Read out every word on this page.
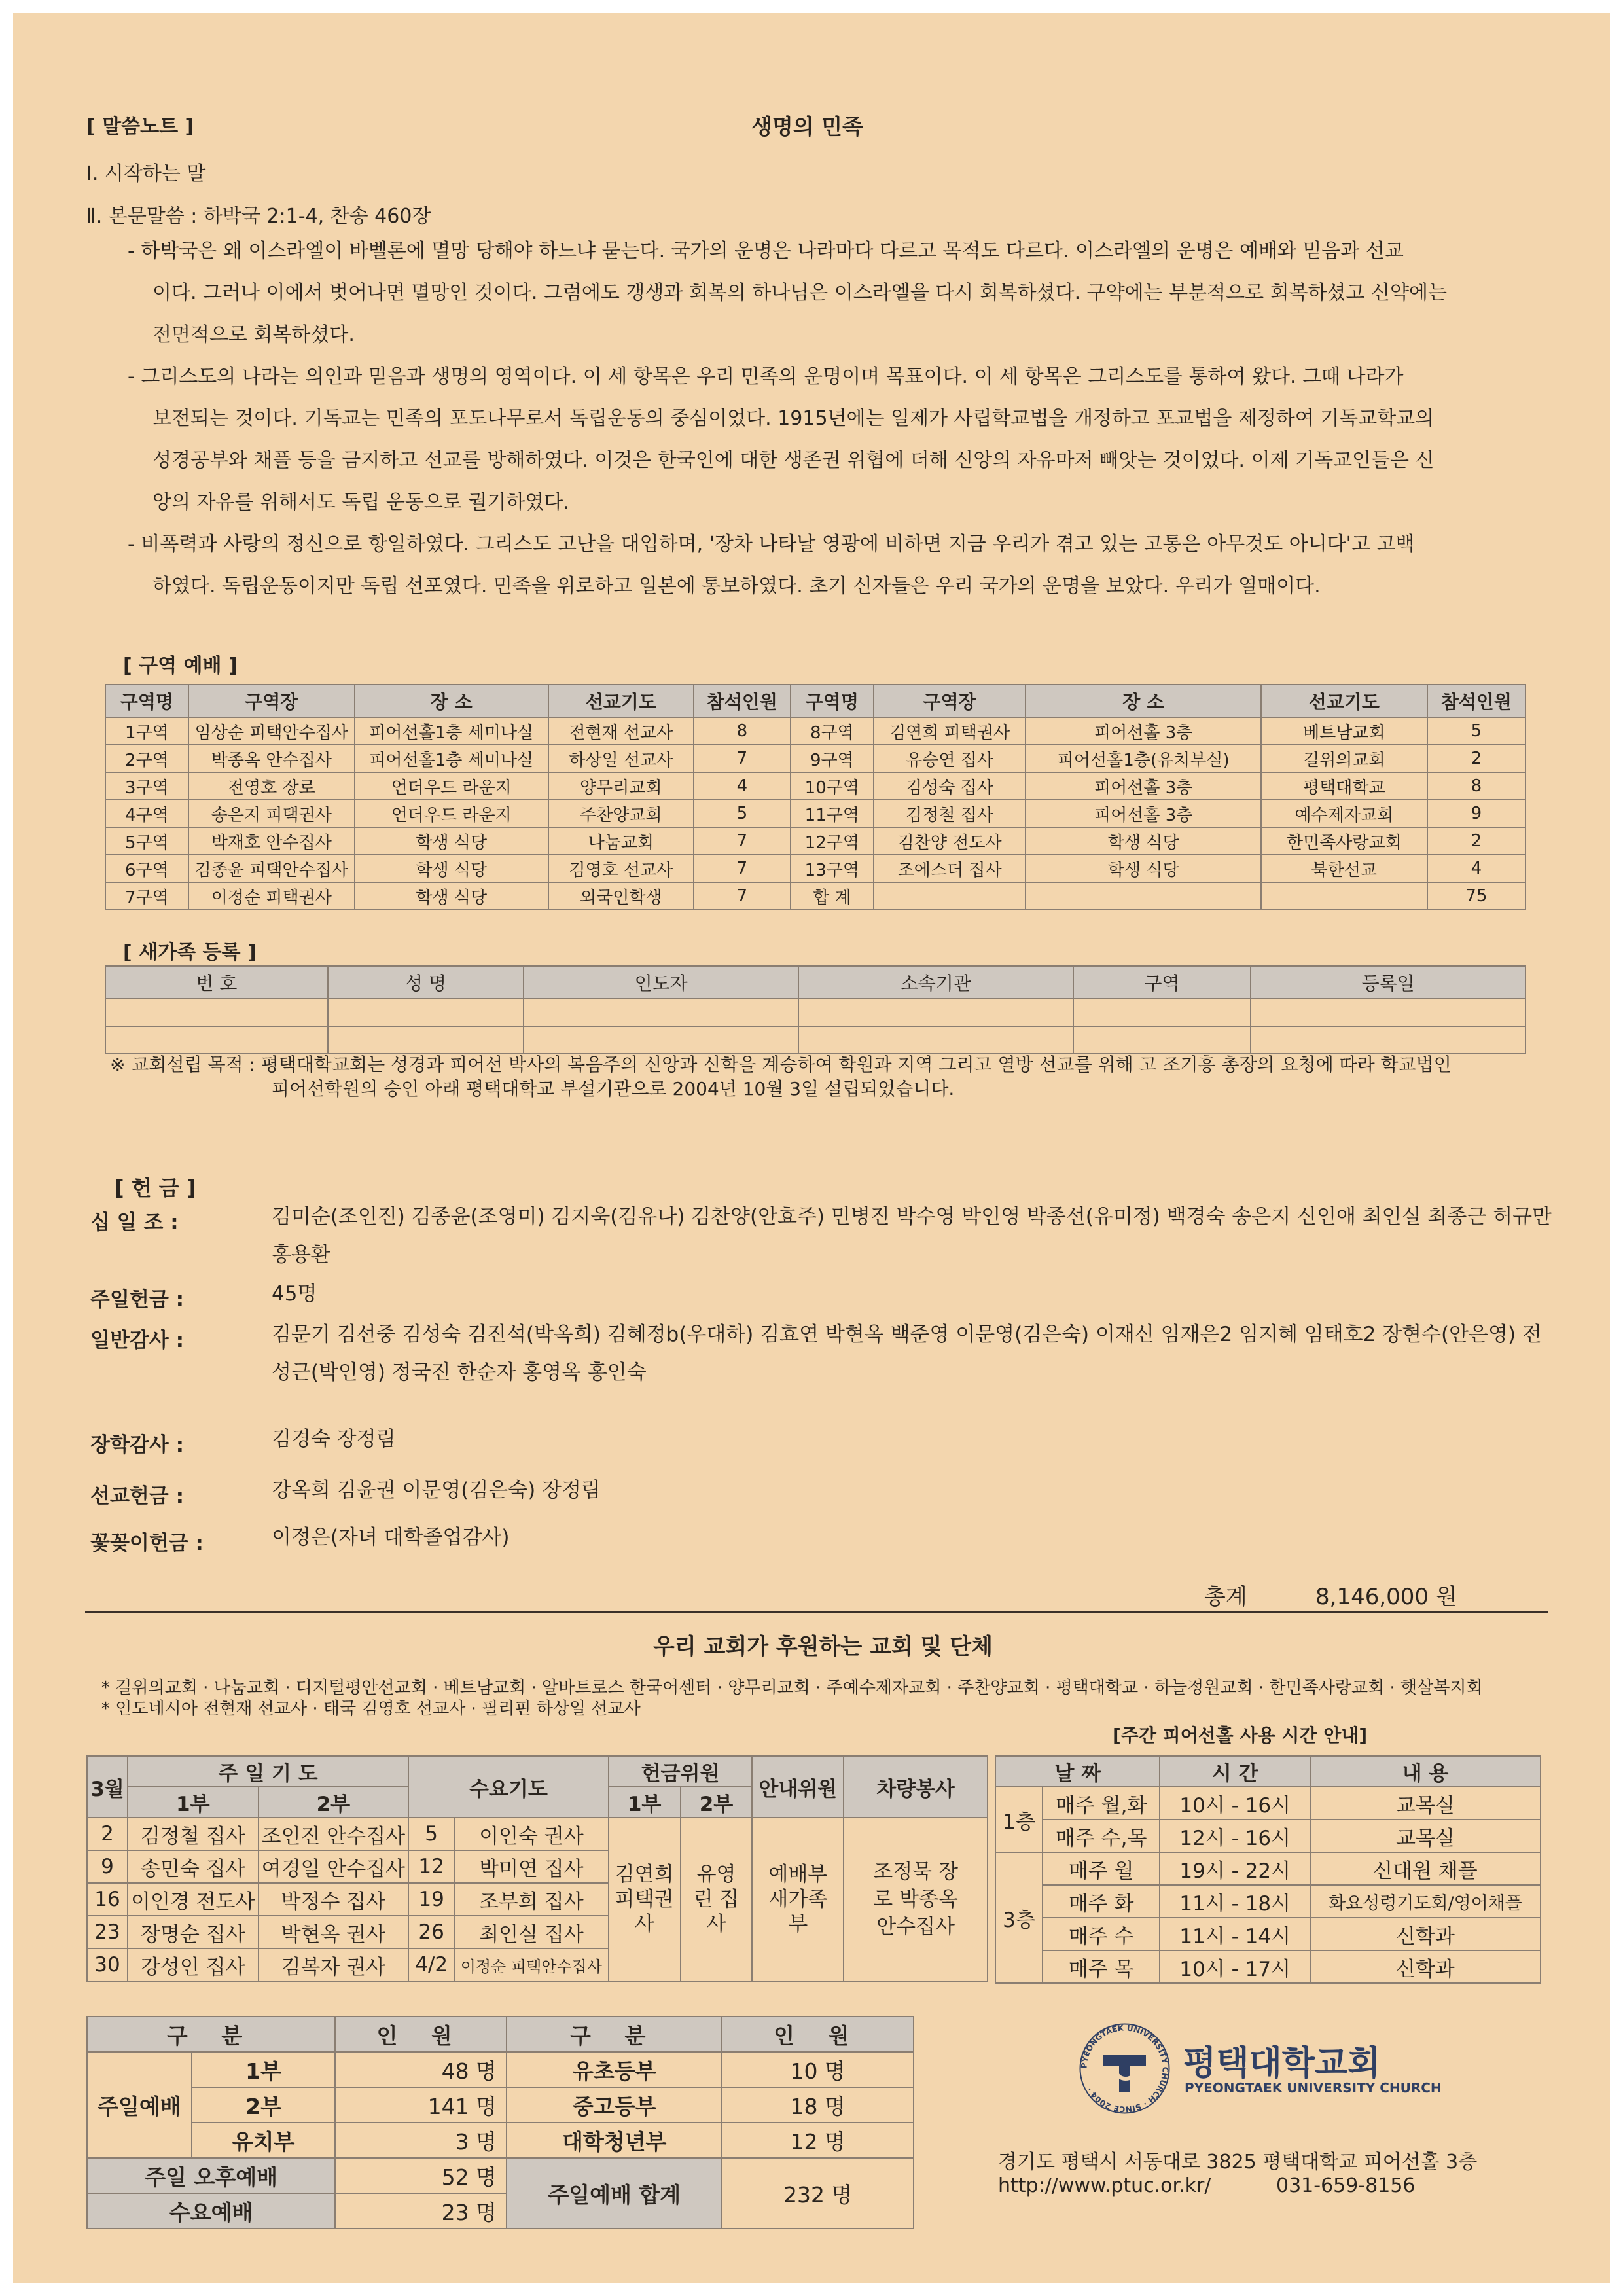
[ 말씀노트 ]	생명의 민족
Ⅰ. 시작하는 말
Ⅱ. 본문말씀 : 하박국 2:1-4, 찬송 460장
- 하박국은 왜 이스라엘이 바벨론에 멸망 당해야 하느냐 묻는다. 국가의 운명은 나라마다 다르고 목적도 다르다. 이스라엘의 운명은 예배와 믿음과 선교
이다. 그러나 이에서 벗어나면 멸망인 것이다. 그럼에도 갱생과 회복의 하나님은 이스라엘을 다시 회복하셨다. 구약에는 부분적으로 회복하셨고 신약에는
전면적으로 회복하셨다.
- 그리스도의 나라는 의인과 믿음과 생명의 영역이다. 이 세 항목은 우리 민족의 운명이며 목표이다. 이 세 항목은 그리스도를 통하여 왔다. 그때 나라가
보전되는 것이다. 기독교는 민족의 포도나무로서 독립운동의 중심이었다. 1915년에는 일제가 사립학교법을 개정하고 포교법을 제정하여 기독교학교의
성경공부와 채플 등을 금지하고 선교를 방해하였다. 이것은 한국인에 대한 생존권 위협에 더해 신앙의 자유마저 빼앗는 것이었다. 이제 기독교인들은 신
앙의 자유를 위해서도 독립 운동으로 궐기하였다.
- 비폭력과 사랑의 정신으로 항일하였다. 그리스도 고난을 대입하며, '장차 나타날 영광에 비하면 지금 우리가 겪고 있는 고통은 아무것도 아니다'고 고백
하였다. 독립운동이지만 독립 선포였다. 민족을 위로하고 일본에 통보하였다. 초기 신자들은 우리 국가의 운명을 보았다. 우리가 열매이다.
[ 구역 예배 ]
구역명	구역장	장 소	선교기도	참석인원	구역명	구역장	장 소	선교기도	참석인원
1구역	임상순 피택안수집사	피어선홀1층 세미나실	전현재 선교사	8	8구역	김연희 피택권사	피어선홀 3층	베트남교회	5
2구역	박종옥 안수집사	피어선홀1층 세미나실	하상일 선교사	7	9구역	유승연 집사	피어선홀1층(유치부실)	길위의교회	2
3구역	전영호 장로	언더우드 라운지	양무리교회	4	10구역	김성숙 집사	피어선홀 3층	평택대학교	8
4구역	송은지 피택권사	언더우드 라운지	주찬양교회	5	11구역	김정철 집사	피어선홀 3층	예수제자교회	9
5구역	박재호 안수집사	학생 식당	나눔교회	7	12구역	김찬양 전도사	학생 식당	한민족사랑교회	2
6구역	김종윤 피택안수집사	학생 식당	김영호 선교사	7	13구역	조에스더 집사	학생 식당	북한선교	4
7구역	이정순 피택권사	학생 식당	외국인학생	7	합 계				75
[ 새가족 등록 ]
번 호	성 명	인도자	소속기관	구역	등록일

※ 교회설립 목적 : 평택대학교회는 성경과 피어선 박사의 복음주의 신앙과 신학을 계승하여 학원과 지역 그리고 열방 선교를 위해 고 조기흥 총장의 요청에 따라 학교법인
피어선학원의 승인 아래 평택대학교 부설기관으로 2004년 10월 3일 설립되었습니다.
[ 헌 금 ]
십 일 조 :	김미순(조인진) 김종윤(조영미) 김지욱(김유나) 김찬양(안효주) 민병진 박수영 박인영 박종선(유미정) 백경숙 송은지 신인애 최인실 최종근 허규만 홍용환
주일헌금 :	45명
일반감사 :	김문기 김선중 김성숙 김진석(박옥희) 김혜정b(우대하) 김효연 박현옥 백준영 이문영(김은숙) 이재신 임재은2 임지혜 임태호2 장현수(안은영) 전성근(박인영) 정국진 한순자 홍영옥 홍인숙
장학감사 :	김경숙 장정림
선교헌금 :	강옥희 김윤권 이문영(김은숙) 장정림
꽃꽂이헌금 :	이정은(자녀 대학졸업감사)
총계	8,146,000 원
우리 교회가 후원하는 교회 및 단체
* 길위의교회 · 나눔교회 · 디지털평안선교회 · 베트남교회 · 알바트로스 한국어센터 · 양무리교회 · 주예수제자교회 · 주찬양교회 · 평택대학교 · 하늘정원교회 · 한민족사랑교회 · 햇살복지회
* 인도네시아 전현재 선교사 · 태국 김영호 선교사 · 필리핀 하상일 선교사
[주간 피어선홀 사용 시간 안내]
3월	주 일 기 도		수요기도		헌금위원		안내위원	차량봉사
	1부	2부			1부	2부		
2	김정철 집사	조인진 안수집사	5	이인숙 권사	김연희 피택권사	유영린 집사	예배부 새가족부	조정묵 장로 박종옥 안수집사
9	송민숙 집사	여경일 안수집사	12	박미연 집사				
16	이인경 전도사	박정수 집사	19	조부희 집사				
23	장명순 집사	박현옥 권사	26	최인실 집사				
30	강성인 집사	김복자 권사	4/2	이정순 피택안수집사				
날 짜		시 간	내 용
1층	매주 월,화	10시 - 16시	교목실
	매주 수,목	12시 - 16시	교목실
3층	매주 월	19시 - 22시	신대원 채플
	매주 화	11시 - 18시	화요성령기도회/영어채플
	매주 수	11시 - 14시	신학과
	매주 목	10시 - 17시	신학과
구 분		인 원	구 분	인 원
주일예배	1부	48 명	유초등부	10 명
	2부	141 명	중고등부	18 명
	유치부	3 명	대학청년부	12 명
주일 오후예배		52 명	주일예배 합계	232 명
수요예배		23 명		
PYEONGTAEK UNIVERSITY CHURCH · SINCE 2004 ·
평택대학교회
PYEONGTAEK UNIVERSITY CHURCH
경기도 평택시 서동대로 3825 평택대학교 피어선홀 3층
http://www.ptuc.or.kr/	031-659-8156
